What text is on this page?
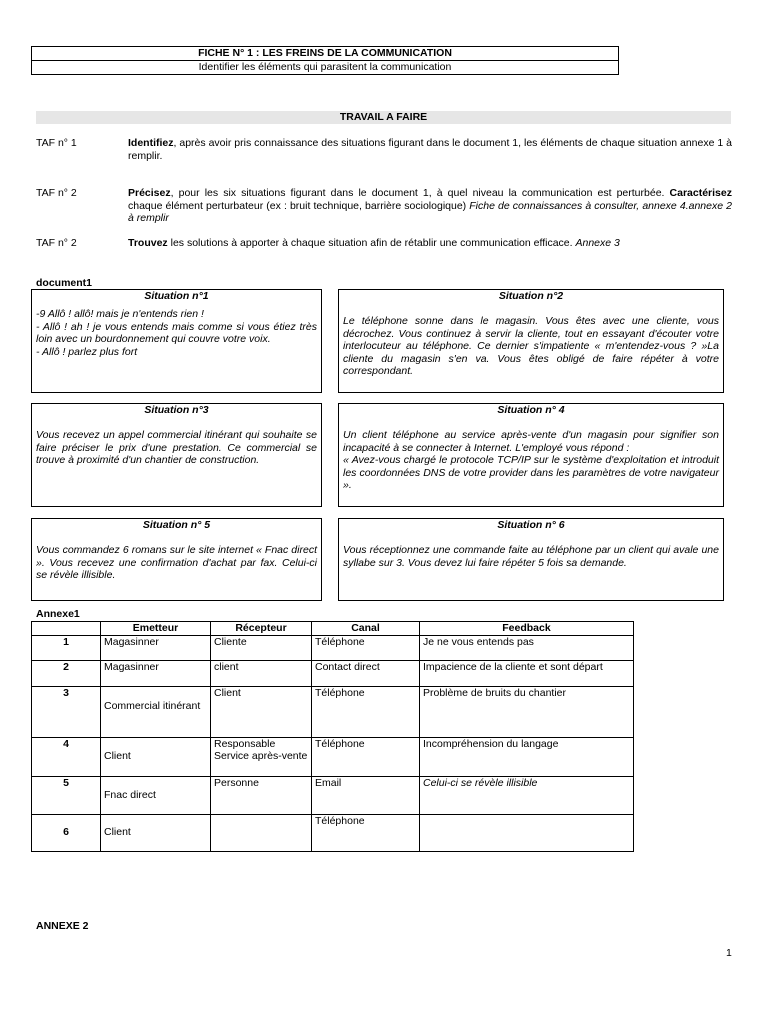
FICHE N° 1 : LES FREINS DE LA COMMUNICATION
Identifier les éléments qui parasitent la communication
TRAVAIL A FAIRE
TAF n° 1	Identifiez, après avoir pris connaissance des situations figurant dans le document 1, les éléments de chaque situation annexe 1 à remplir.
TAF n° 2	Précisez, pour les six situations figurant dans le document 1, à quel niveau la communication est perturbée. Caractérisez chaque élément perturbateur (ex : bruit technique, barrière sociologique) Fiche de connaissances à consulter, annexe 4.annexe 2 à remplir
TAF n° 2	Trouvez les solutions à apporter à chaque situation afin de rétablir une communication efficace. Annexe 3
document1
Situation n°1
-9 Allô ! allô! mais je n'entends rien !
- Allô ! ah ! je vous entends mais comme si vous étiez très loin avec un bourdonnement qui couvre votre voix.
- Allô ! parlez plus fort
Situation n°2
Le téléphone sonne dans le magasin. Vous êtes avec une cliente, vous décrochez. Vous continuez à servir la cliente, tout en essayant d'écouter votre interlocuteur au téléphone. Ce dernier s'impatiente « m'entendez-vous ? »La cliente du magasin s'en va. Vous êtes obligé de faire répéter à votre correspondant.
Situation n°3
Vous recevez un appel commercial itinérant qui souhaite se faire préciser le prix d'une prestation. Ce commercial se trouve à proximité d'un chantier de construction.
Situation n° 4
Un client téléphone au service après-vente d'un magasin pour signifier son incapacité à se connecter à Internet. L'employé vous répond :
« Avez-vous chargé le protocole TCP/IP sur le système d'exploitation et introduit les coordonnées DNS de votre provider dans les paramètres de votre navigateur ».
Situation n° 5
Vous commandez 6 romans sur le site internet « Fnac direct ». Vous recevez une confirmation d'achat par fax. Celui-ci se révèle illisible.
Situation n° 6
Vous réceptionnez une commande faite au téléphone par un client qui avale une syllabe sur 3. Vous devez lui faire répéter 5 fois sa demande.
Annexe1
	Emetteur	Récepteur	Canal	Feedback
1	Magasinner	Cliente	Téléphone	Je ne vous entends pas
2	Magasinner	client	Contact direct	Impacience de la cliente et sont départ
3	Commercial itinérant	Client	Téléphone	Problème de bruits du chantier
4	Client	Responsable Service après-vente	Téléphone	Incompréhension du langage
5	Fnac direct	Personne	Email	Celui-ci se révèle illisible
6	Client		Téléphone	
ANNEXE 2
1
